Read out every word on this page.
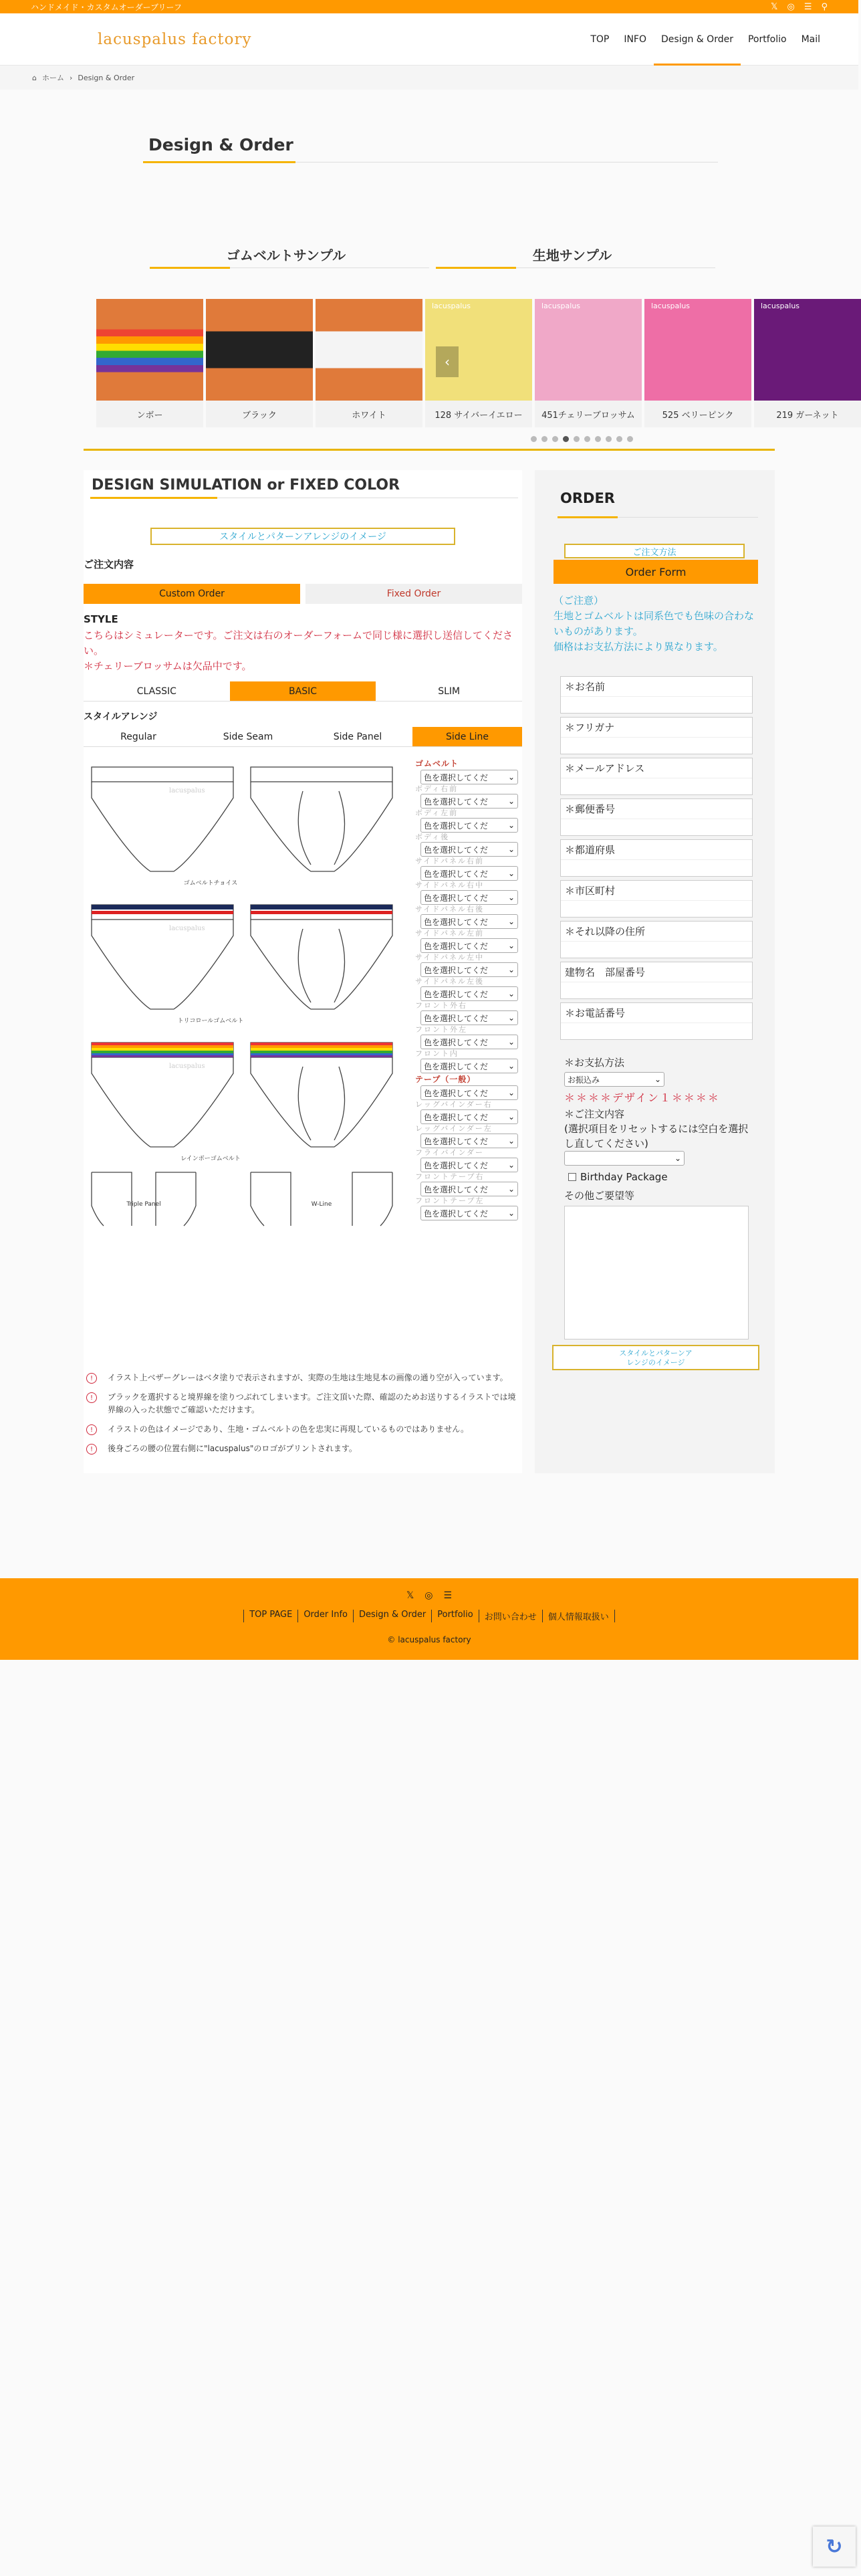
ハンドメイド・カスタムオーダーブリーフ	𝕏 ◎ ☰ ⚲
lacuspalus factory	TOP	INFO	Design & Order	Portfolio	Mail
⌂ ホーム › Design & Order
Design & Order
ゴムベルトサンプル	生地サンプル
ンボー	ブラック	ホワイト
lacuspalus
128 サイバーイエロー
lacuspalus
451チェリーブロッサム
lacuspalus
525 ベリーピンク
lacuspalus
219 ガーネット
‹
DESIGN SIMULATION or FIXED COLOR
スタイルとパターンアレンジのイメージ
ご注文内容
Custom Order	Fixed Order
STYLE
こちらはシミュレーターです。ご注文は右のオーダーフォームで同じ様に選択し送信してください。
＊チェリーブロッサムは欠品中です。
CLASSIC	BASIC	SLIM
スタイルアレンジ
Regular	Side Seam	Side Panel	Side Line
lacuspalus
lacuspalus
lacuspalus
ゴムベルトチョイス
トリコロールゴムベルト
レインボーゴムベルト
Triple Panel	W-Line
ゴムベルト
色を選択してくだ ⌄
ボディ右前
色を選択してくだ ⌄
ボディ左前
色を選択してくだ ⌄
ボディ後
色を選択してくだ ⌄
サイドパネル右前
色を選択してくだ ⌄
サイドパネル右中
色を選択してくだ ⌄
サイドパネル右後
色を選択してくだ ⌄
サイドパネル左前
色を選択してくだ ⌄
サイドパネル左中
色を選択してくだ ⌄
サイドパネル左後
色を選択してくだ ⌄
フロント外右
色を選択してくだ ⌄
フロント外左
色を選択してくだ ⌄
フロント内
色を選択してくだ ⌄
テープ（一般）
色を選択してくだ ⌄
レッグバインダー右
色を選択してくだ ⌄
レッグバインダー左
色を選択してくだ ⌄
フライバインダー
色を選択してくだ ⌄
フロントテープ右
色を選択してくだ ⌄
フロントテープ左
色を選択してくだ ⌄
!	イラスト上ベザーグレーはベタ塗りで表示されますが、実際の生地は生地見本の画像の通り空が入っています。
!	ブラックを選択すると境界線を塗りつぶれてしまいます。ご注文頂いた際、確認のためお送りするイラストでは境界線の入った状態でご確認いただけます。
!	イラストの色はイメージであり、生地・ゴムベルトの色を忠実に再現しているものではありません。
!	後身ごろの腰の位置右側に"lacuspalus"のロゴがプリントされます。
ORDER
ご注文方法
Order Form
（ご注意）
生地とゴムベルトは同系色でも色味の合わないものがあります。
価格はお支払方法により異なります。
＊お名前
＊フリガナ
＊メールアドレス
＊郵便番号
＊都道府県
＊市区町村
＊それ以降の住所
建物名　部屋番号
＊お電話番号
＊お支払方法
お振込み	⌄
＊＊＊＊デザイン１＊＊＊＊
＊ご注文内容
(選択項目をリセットするには空白を選択し直してください)
⌄
Birthday Package
その他ご要望等
スタイルとパターンア
レンジのイメージ
𝕏 ◎ ☰
TOP PAGE	Order Info	Design & Order	Portfolio	お問い合わせ	個人情報取扱い
© lacuspalus factory
↻
